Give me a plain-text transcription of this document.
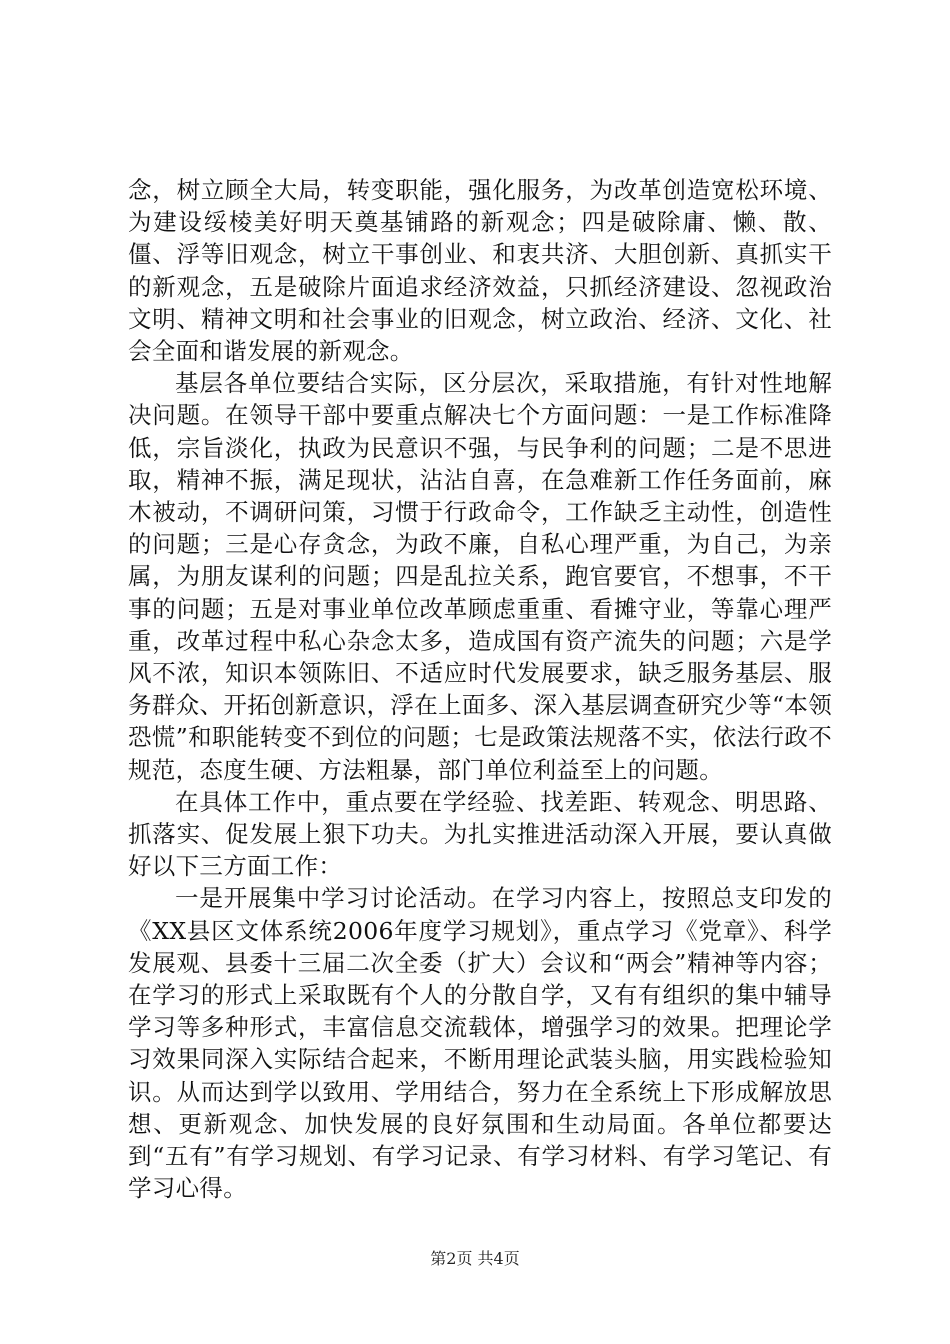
念，树立顾全大局，转变职能，强化服务，为改革创造宽松环境、为建设绥棱美好明天奠基铺路的新观念；四是破除庸、懒、散、僵、浮等旧观念，树立干事创业、和衷共济、大胆创新、真抓实干的新观念，五是破除片面追求经济效益，只抓经济建设、忽视政治文明、精神文明和社会事业的旧观念，树立政治、经济、文化、社会全面和谐发展的新观念。

基层各单位要结合实际，区分层次，采取措施，有针对性地解决问题。在领导干部中要重点解决七个方面问题：一是工作标准降低，宗旨淡化，执政为民意识不强，与民争利的问题；二是不思进取，精神不振，满足现状，沾沾自喜，在急难新工作任务面前，麻木被动，不调研问策，习惯于行政命令，工作缺乏主动性，创造性的问题；三是心存贪念，为政不廉，自私心理严重，为自己，为亲属，为朋友谋利的问题；四是乱拉关系，跑官要官，不想事，不干事的问题；五是对事业单位改革顾虑重重、看摊守业，等靠心理严重，改革过程中私心杂念太多，造成国有资产流失的问题；六是学风不浓，知识本领陈旧、不适应时代发展要求，缺乏服务基层、服务群众、开拓创新意识，浮在上面多、深入基层调查研究少等“本领恐慌”和职能转变不到位的问题；七是政策法规落不实，依法行政不规范，态度生硬、方法粗暴，部门单位利益至上的问题。

在具体工作中，重点要在学经验、找差距、转观念、明思路、抓落实、促发展上狠下功夫。为扎实推进活动深入开展，要认真做好以下三方面工作：

一是开展集中学习讨论活动。在学习内容上，按照总支印发的《XX县区文体系统2006年度学习规划》，重点学习《党章》、科学发展观、县委十三届二次全委（扩大）会议和“两会”精神等内容；在学习的形式上采取既有个人的分散自学，又有有组织的集中辅导学习等多种形式，丰富信息交流载体，增强学习的效果。把理论学习效果同深入实际结合起来，不断用理论武装头脑，用实践检验知识。从而达到学以致用、学用结合，努力在全系统上下形成解放思想、更新观念、加快发展的良好氛围和生动局面。各单位都要达到“五有”有学习规划、有学习记录、有学习材料、有学习笔记、有学习心得。

第2页 共4页
